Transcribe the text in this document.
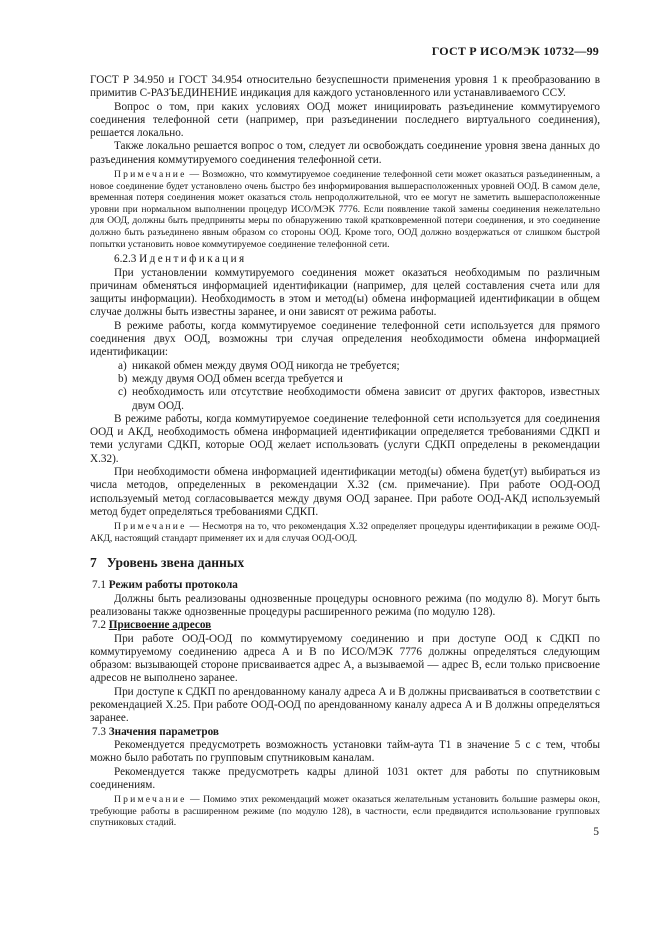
ГОСТ Р ИСО/МЭК 10732—99

ГОСТ Р 34.950 и ГОСТ 34.954 относительно безуспешности применения уровня 1 к преобразованию в примитив С-РАЗЪЕДИНЕНИЕ индикация для каждого установленного или устанавливаемого ССУ.

Вопрос о том, при каких условиях ООД может инициировать разъединение коммутируемого соединения телефонной сети (например, при разъединении последнего виртуального соединения), решается локально.

Также локально решается вопрос о том, следует ли освобождать соединение уровня звена данных до разъединения коммутируемого соединения телефонной сети.

Примечание — Возможно, что коммутируемое соединение телефонной сети может оказаться разъединенным, а новое соединение будет установлено очень быстро без информирования вышерасположенных уровней ООД. В самом деле, временная потеря соединения может оказаться столь непродолжительной, что ее могут не заметить вышерасположенные уровни при нормальном выполнении процедур ИСО/МЭК 7776. Если появление такой замены соединения нежелательно для ООД, должны быть предприняты меры по обнаружению такой кратковременной потери соединения, и это соединение должно быть разъединено явным образом со стороны ООД. Кроме того, ООД должно воздержаться от слишком быстрой попытки установить новое коммутируемое соединение телефонной сети.

6.2.3 Идентификация

При установлении коммутируемого соединения может оказаться необходимым по различным причинам обменяться информацией идентификации (например, для целей составления счета или для защиты информации). Необходимость в этом и метод(ы) обмена информацией идентификации в общем случае должны быть известны заранее, и они зависят от режима работы.

В режиме работы, когда коммутируемое соединение телефонной сети используется для прямого соединения двух ООД, возможны три случая определения необходимости обмена информацией идентификации:

a) никакой обмен между двумя ООД никогда не требуется;
b) между двумя ООД обмен всегда требуется и
c) необходимость или отсутствие необходимости обмена зависит от других факторов, известных двум ООД.

В режиме работы, когда коммутируемое соединение телефонной сети используется для соединения ООД и АКД, необходимость обмена информацией идентификации определяется требованиями СДКП и теми услугами СДКП, которые ООД желает использовать (услуги СДКП определены в рекомендации X.32).

При необходимости обмена информацией идентификации метод(ы) обмена будет(ут) выбираться из числа методов, определенных в рекомендации X.32 (см. примечание). При работе ООД-ООД используемый метод согласовывается между двумя ООД заранее. При работе ООД-АКД используемый метод будет определяться требованиями СДКП.

Примечание — Несмотря на то, что рекомендация X.32 определяет процедуры идентификации в режиме ООД-АКД, настоящий стандарт применяет их и для случая ООД-ООД.

7 Уровень звена данных
7.1 Режим работы протокола

Должны быть реализованы однозвенные процедуры основного режима (по модулю 8). Могут быть реализованы также однозвенные процедуры расширенного режима (по модулю 128).

7.2 Присвоение адресов

При работе ООД-ООД по коммутируемому соединению и при доступе ООД к СДКП по коммутируемому соединению адреса А и В по ИСО/МЭК 7776 должны определяться следующим образом: вызывающей стороне присваивается адрес А, а вызываемой — адрес В, если только присвоение адресов не выполнено заранее.

При доступе к СДКП по арендованному каналу адреса А и В должны присваиваться в соответствии с рекомендацией X.25. При работе ООД-ООД по арендованному каналу адреса А и В должны определяться заранее.

7.3 Значения параметров

Рекомендуется предусмотреть возможность установки тайм-аута Т1 в значение 5 с с тем, чтобы можно было работать по групповым спутниковым каналам.

Рекомендуется также предусмотреть кадры длиной 1031 октет для работы по спутниковым соединениям.

Примечание — Помимо этих рекомендаций может оказаться желательным установить большие размеры окон, требующие работы в расширенном режиме (по модулю 128), в частности, если предвидится использование групповых спутниковых стадий.

5
